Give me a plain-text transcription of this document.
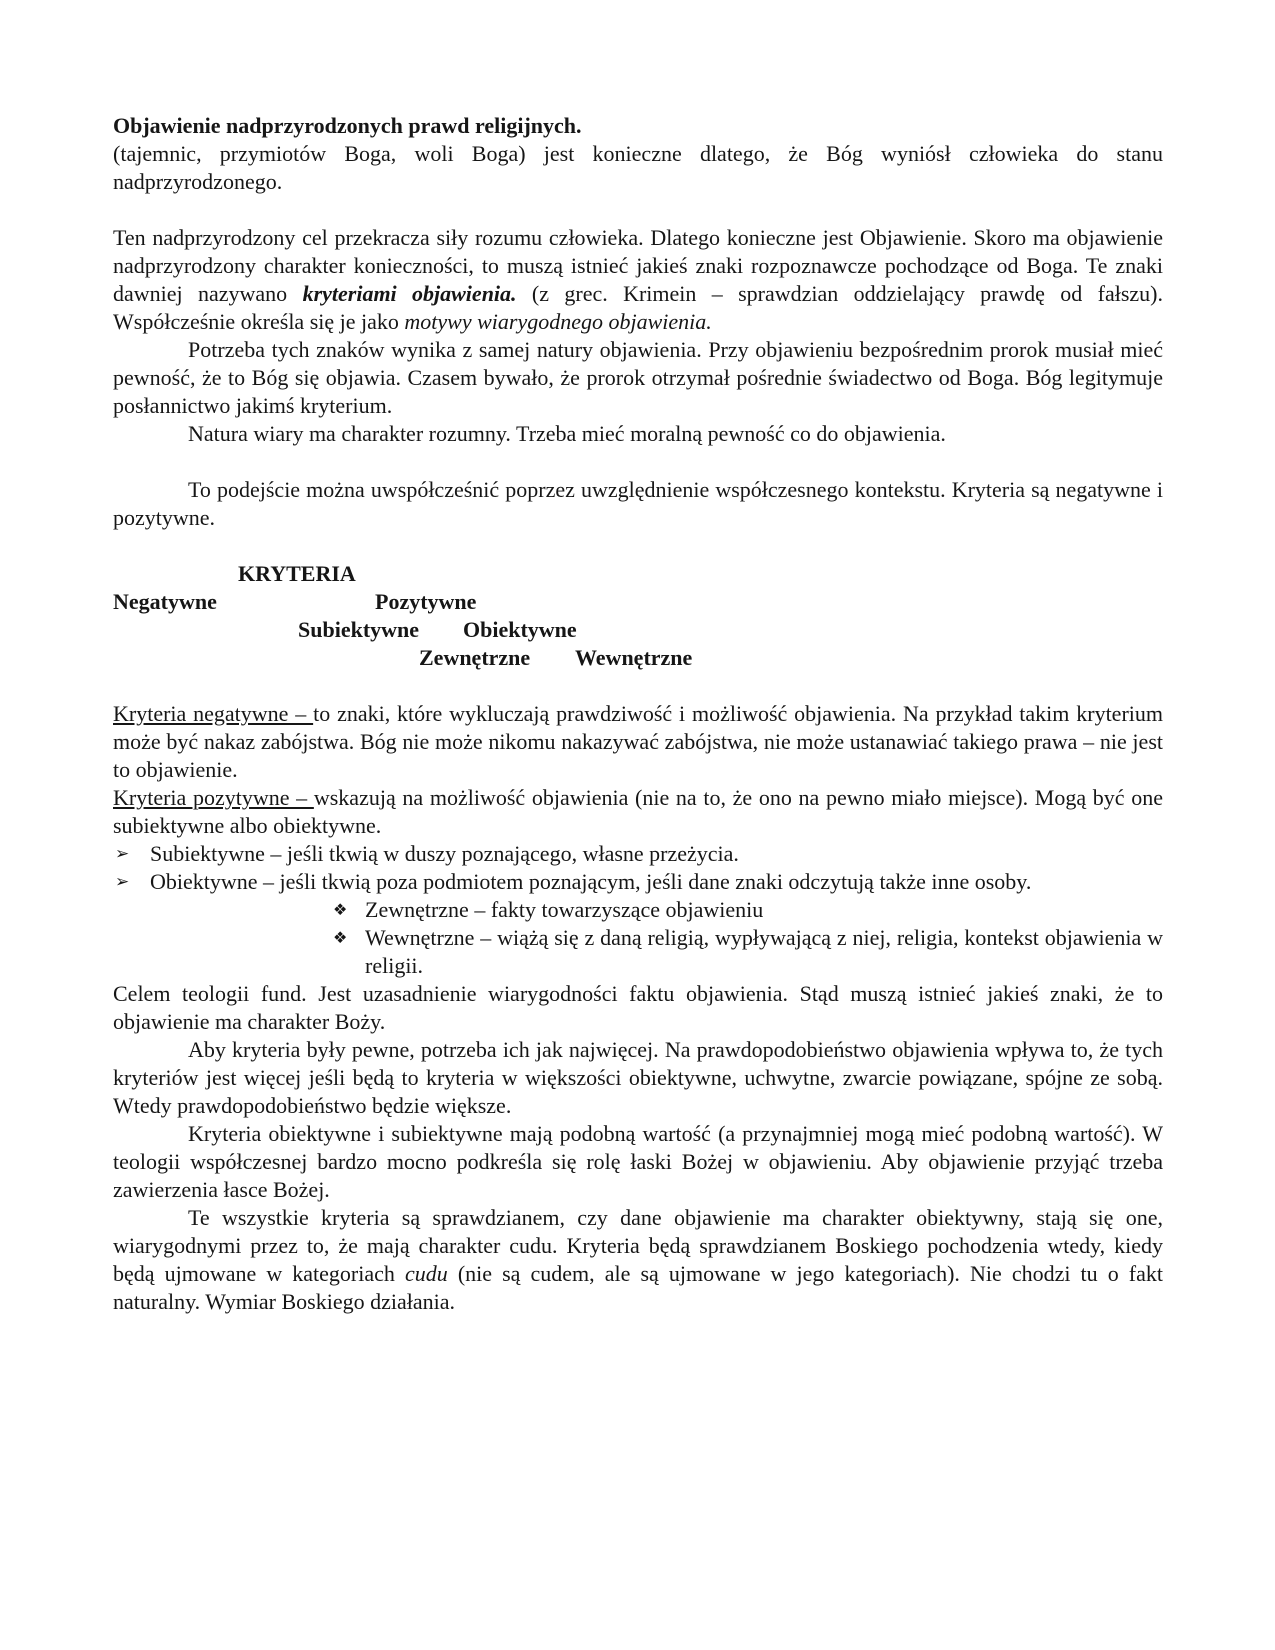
Objawienie nadprzyrodzonych prawd religijnych.

(tajemnic, przymiotów Boga, woli Boga) jest konieczne dlatego, że Bóg wyniósł człowieka do stanu nadprzyrodzonego.

Ten nadprzyrodzony cel przekracza siły rozumu człowieka. Dlatego konieczne jest Objawienie. Skoro ma objawienie nadprzyrodzony charakter konieczności, to muszą istnieć jakieś znaki rozpoznawcze pochodzące od Boga. Te znaki dawniej nazywano kryteriami objawienia. (z grec. Krimein – sprawdzian oddzielający prawdę od fałszu). Współcześnie określa się je jako motywy wiarygodnego objawienia.

Potrzeba tych znaków wynika z samej natury objawienia. Przy objawieniu bezpośrednim prorok musiał mieć pewność, że to Bóg się objawia. Czasem bywało, że prorok otrzymał pośrednie świadectwo od Boga. Bóg legitymuje posłannictwo jakimś kryterium.

Natura wiary ma charakter rozumny. Trzeba mieć moralną pewność co do objawienia.

To podejście można uwspółcześnić poprzez uwzględnienie współczesnego kontekstu. Kryteria są negatywne i pozytywne.

KRYTERIA
Negatywne	Pozytywne
Subiektywne Obiektywne
Zewnętrzne Wewnętrzne

Kryteria negatywne – to znaki, które wykluczają prawdziwość i możliwość objawienia. Na przykład takim kryterium może być nakaz zabójstwa. Bóg nie może nikomu nakazywać zabójstwa, nie może ustanawiać takiego prawa – nie jest to objawienie.

Kryteria pozytywne – wskazują na możliwość objawienia (nie na to, że ono na pewno miało miejsce). Mogą być one subiektywne albo obiektywne.

➢ Subiektywne – jeśli tkwią w duszy poznającego, własne przeżycia.
➢ Obiektywne – jeśli tkwią poza podmiotem poznającym, jeśli dane znaki odczytują także inne osoby.
❖ Zewnętrzne – fakty towarzyszące objawieniu
❖ Wewnętrzne – wiążą się z daną religią, wypływającą z niej, religia, kontekst objawienia w religii.

Celem teologii fund. Jest uzasadnienie wiarygodności faktu objawienia. Stąd muszą istnieć jakieś znaki, że to objawienie ma charakter Boży.

Aby kryteria były pewne, potrzeba ich jak najwięcej. Na prawdopodobieństwo objawienia wpływa to, że tych kryteriów jest więcej jeśli będą to kryteria w większości obiektywne, uchwytne, zwarcie powiązane, spójne ze sobą. Wtedy prawdopodobieństwo będzie większe.

Kryteria obiektywne i subiektywne mają podobną wartość (a przynajmniej mogą mieć podobną wartość). W teologii współczesnej bardzo mocno podkreśla się rolę łaski Bożej w objawieniu. Aby objawienie przyjąć trzeba zawierzenia łasce Bożej.

Te wszystkie kryteria są sprawdzianem, czy dane objawienie ma charakter obiektywny, stają się one, wiarygodnymi przez to, że mają charakter cudu. Kryteria będą sprawdzianem Boskiego pochodzenia wtedy, kiedy będą ujmowane w kategoriach cudu (nie są cudem, ale są ujmowane w jego kategoriach). Nie chodzi tu o fakt naturalny. Wymiar Boskiego działania.
